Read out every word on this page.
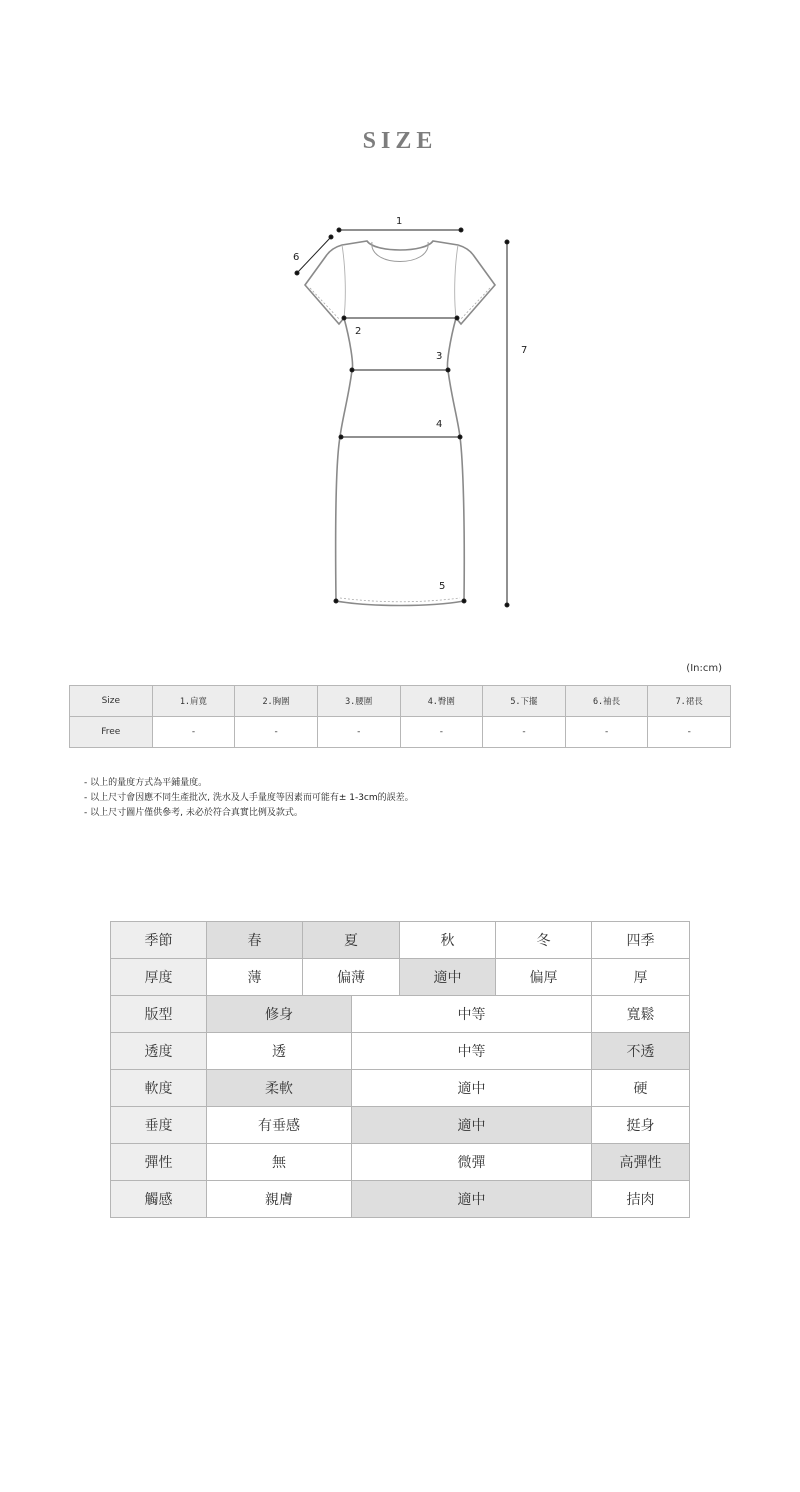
SIZE
1
2
3
4
5
6
7
(In:cm)
Size	1.肩寬	2.胸圍	3.腰圍	4.臀圍	5.下擺	6.袖長	7.裙長
Free	-	-	-	-	-	-	-
- 以上的量度方式為平鋪量度。
- 以上尺寸會因應不同生產批次, 洗水及人手量度等因素而可能有± 1-3cm的誤差。
- 以上尺寸圖片僅供參考, 未必於符合真實比例及款式。
季節	春	夏		秋	冬	四季
厚度	薄	偏薄		適中	偏厚	厚
版型	修身		中等			寬鬆
透度	透		中等			不透
軟度	柔軟		適中			硬
垂度	有垂感		適中			挺身
彈性	無		微彈			高彈性
觸感	親膚		適中			拮肉
